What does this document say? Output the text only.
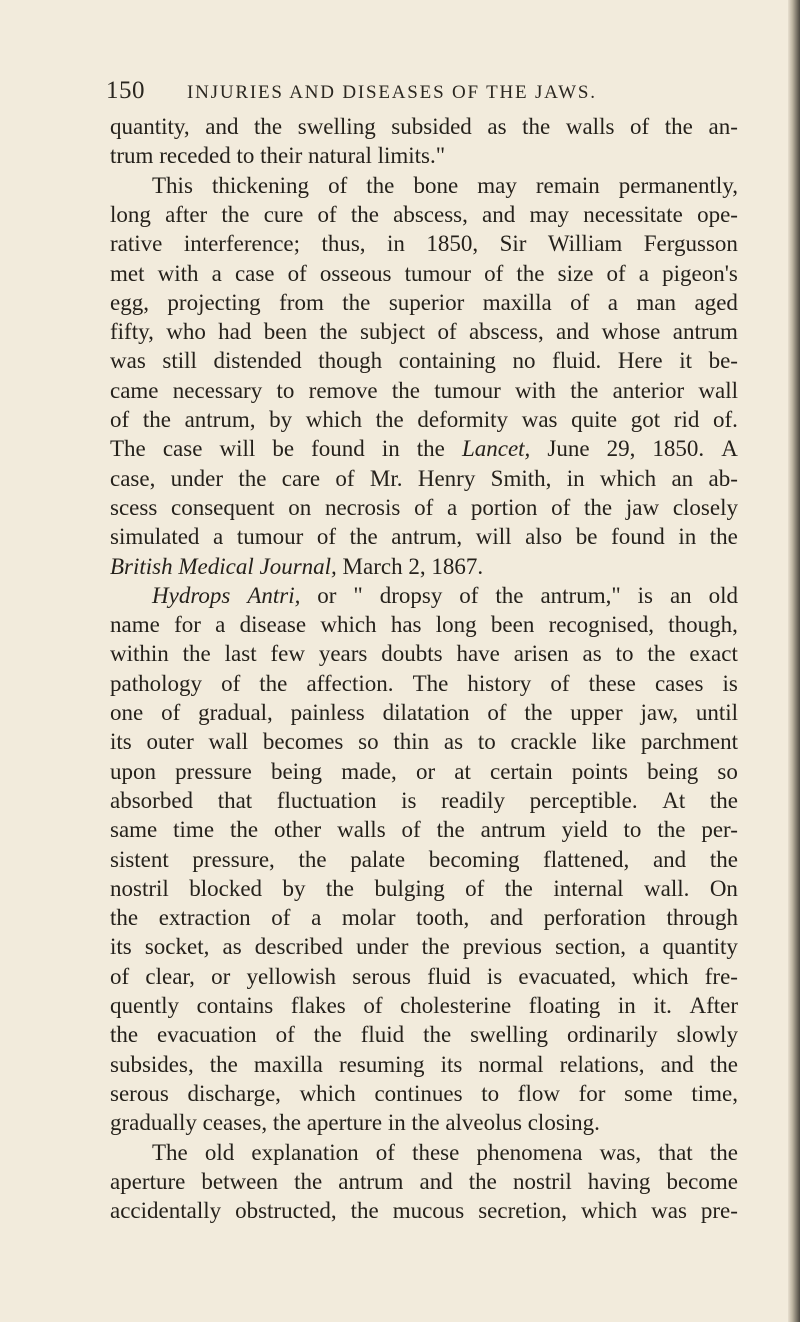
150 INJURIES AND DISEASES OF THE JAWS.
quantity, and the swelling subsided as the walls of the an-
trum receded to their natural limits."
This thickening of the bone may remain permanently,
long after the cure of the abscess, and may necessitate ope-
rative interference; thus, in 1850, Sir William Fergusson
met with a case of osseous tumour of the size of a pigeon's
egg, projecting from the superior maxilla of a man aged
fifty, who had been the subject of abscess, and whose antrum
was still distended though containing no fluid. Here it be-
came necessary to remove the tumour with the anterior wall
of the antrum, by which the deformity was quite got rid of.
The case will be found in the Lancet, June 29, 1850. A
case, under the care of Mr. Henry Smith, in which an ab-
scess consequent on necrosis of a portion of the jaw closely
simulated a tumour of the antrum, will also be found in the
British Medical Journal, March 2, 1867.
Hydrops Antri, or " dropsy of the antrum," is an old
name for a disease which has long been recognised, though,
within the last few years doubts have arisen as to the exact
pathology of the affection. The history of these cases is
one of gradual, painless dilatation of the upper jaw, until
its outer wall becomes so thin as to crackle like parchment
upon pressure being made, or at certain points being so
absorbed that fluctuation is readily perceptible. At the
same time the other walls of the antrum yield to the per-
sistent pressure, the palate becoming flattened, and the
nostril blocked by the bulging of the internal wall. On
the extraction of a molar tooth, and perforation through
its socket, as described under the previous section, a quantity
of clear, or yellowish serous fluid is evacuated, which fre-
quently contains flakes of cholesterine floating in it. After
the evacuation of the fluid the swelling ordinarily slowly
subsides, the maxilla resuming its normal relations, and the
serous discharge, which continues to flow for some time,
gradually ceases, the aperture in the alveolus closing.
The old explanation of these phenomena was, that the
aperture between the antrum and the nostril having become
accidentally obstructed, the mucous secretion, which was pre-
